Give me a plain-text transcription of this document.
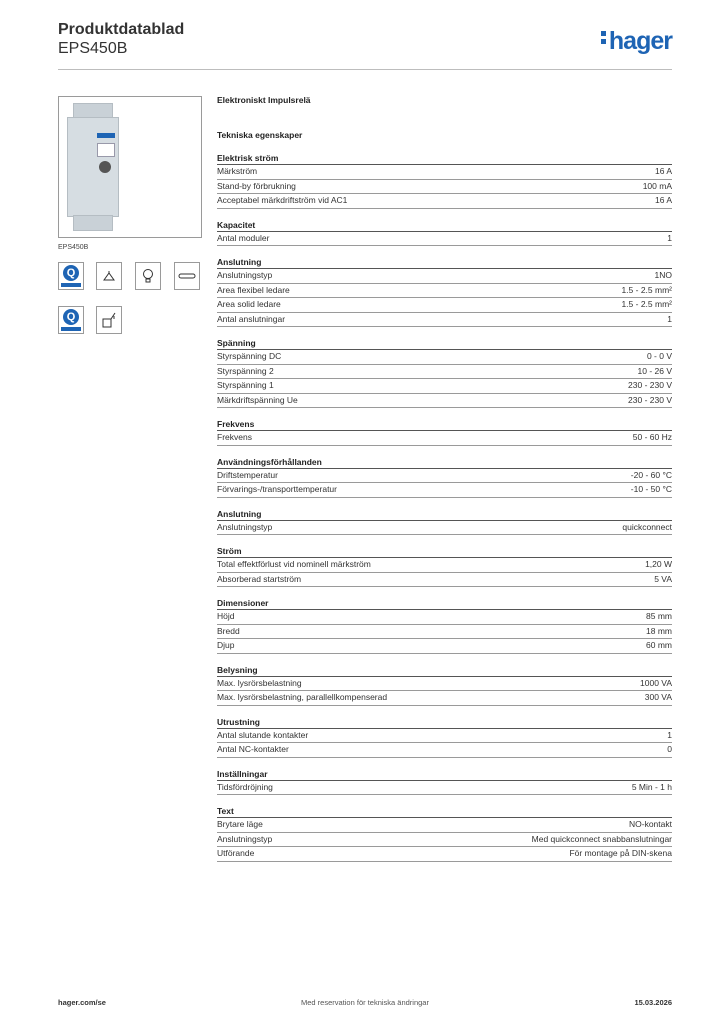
Produktdatablad
EPS450B	hager
EPS450B
Q
Q
Elektroniskt Impulsrelä
Tekniska egenskaper
Elektrisk ström
Märkström	16 A
Stand-by förbrukning	100 mA
Acceptabel märkdriftström vid AC1	16 A
Kapacitet
Antal moduler	1
Anslutning
Anslutningstyp	1NO
Area flexibel ledare	1.5 - 2.5 mm²
Area solid ledare	1.5 - 2.5 mm²
Antal anslutningar	1
Spänning
Styrspänning DC	0 - 0 V
Styrspänning 2	10 - 26 V
Styrspänning 1	230 - 230 V
Märkdriftspänning Ue	230 - 230 V
Frekvens
Frekvens	50 - 60 Hz
Användningsförhållanden
Driftstemperatur	-20 - 60 °C
Förvarings-/transporttemperatur	-10 - 50 °C
Anslutning
Anslutningstyp	quickconnect
Ström
Total effektförlust vid nominell märkström	1,20 W
Absorberad startström	5 VA
Dimensioner
Höjd	85 mm
Bredd	18 mm
Djup	60 mm
Belysning
Max. lysrörsbelastning	1000 VA
Max. lysrörsbelastning, parallellkompenserad	300 VA
Utrustning
Antal slutande kontakter	1
Antal NC-kontakter	0
Inställningar
Tidsfördröjning	5 Min - 1 h
Text
Brytare läge	NO-kontakt
Anslutningstyp	Med quickconnect snabbanslutningar
Utförande	För montage på DIN-skena
Med reservation för tekniska ändringar
hager.com/se	15.03.2026
